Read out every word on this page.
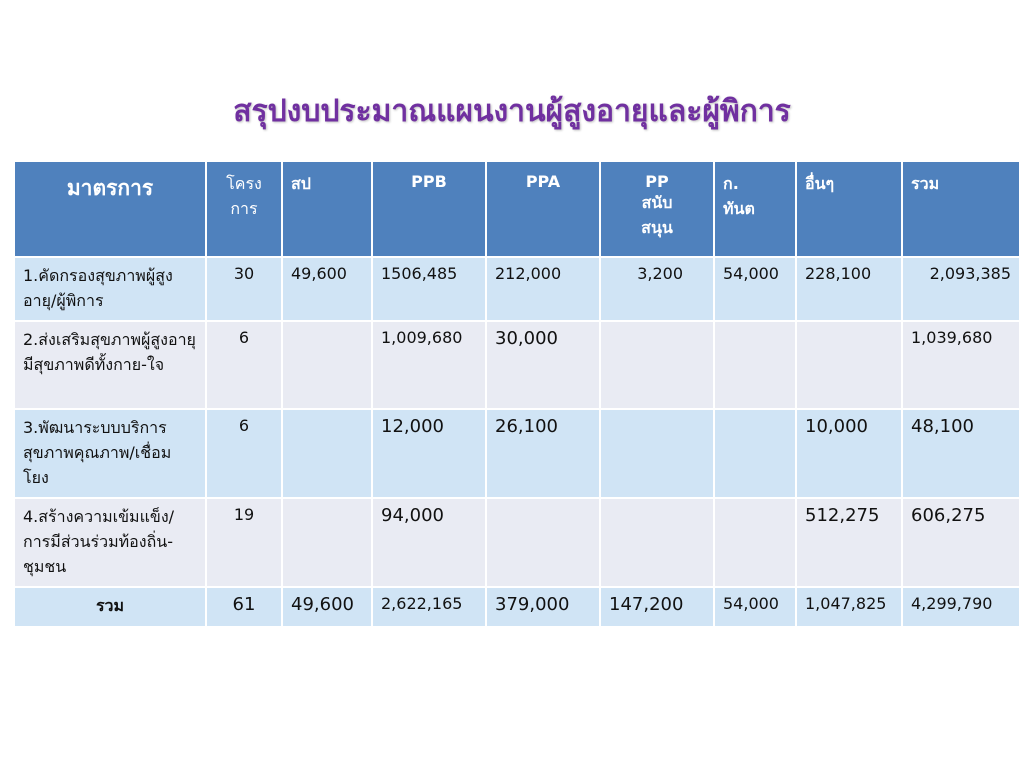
สรุปงบประมาณแผนงานผู้สูงอายุและผู้พิการ
มาตรการ	โครง การ	สป	PPB	PPA	PP สนับ สนุน	ก. ทันต	อื่นๆ	รวม
1.คัดกรองสุขภาพผู้สูงอายุ/ผู้พิการ	30	49,600	1506,485	212,000	3,200	54,000	228,100	2,093,385
2.ส่งเสริมสุขภาพผู้สูงอายุมีสุขภาพดีทั้งกาย-ใจ	6		1,009,680	30,000				1,039,680
3.พัฒนาระบบบริการสุขภาพคุณภาพ/เชื่อมโยง	6		12,000	26,100			10,000	48,100
4.สร้างความเข้มแข็ง/การมีส่วนร่วมท้องถิ่น-ชุมชน	19		94,000				512,275	606,275
รวม	61	49,600	2,622,165	379,000	147,200	54,000	1,047,825	4,299,790
